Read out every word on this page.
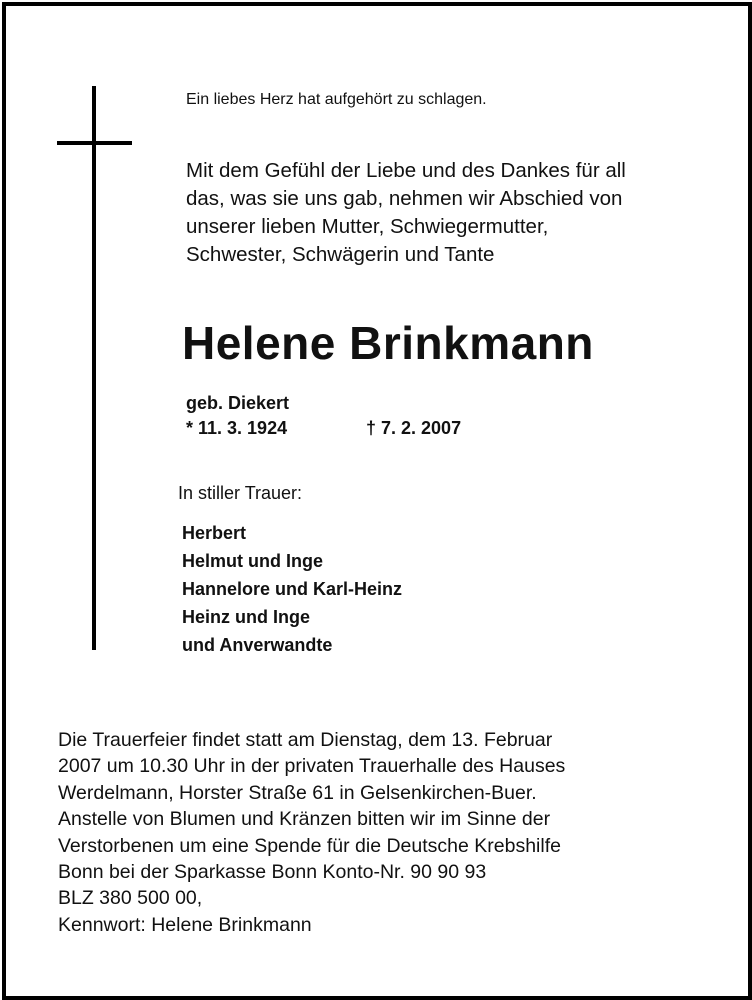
Ein liebes Herz hat aufgehört zu schlagen.
Mit dem Gefühl der Liebe und des Dankes für all
das, was sie uns gab, nehmen wir Abschied von
unserer lieben Mutter, Schwiegermutter,
Schwester, Schwägerin und Tante
Helene Brinkmann
geb. Diekert
* 11. 3. 1924	† 7. 2. 2007
In stiller Trauer:
Herbert
Helmut und Inge
Hannelore und Karl-Heinz
Heinz und Inge
und Anverwandte
Die Trauerfeier findet statt am Dienstag, dem 13. Februar
2007 um 10.30 Uhr in der privaten Trauerhalle des Hauses
Werdelmann, Horster Straße 61 in Gelsenkirchen-Buer.
Anstelle von Blumen und Kränzen bitten wir im Sinne der
Verstorbenen um eine Spende für die Deutsche Krebshilfe
Bonn bei der Sparkasse Bonn Konto-Nr. 90 90 93
BLZ 380 500 00,
Kennwort: Helene Brinkmann
